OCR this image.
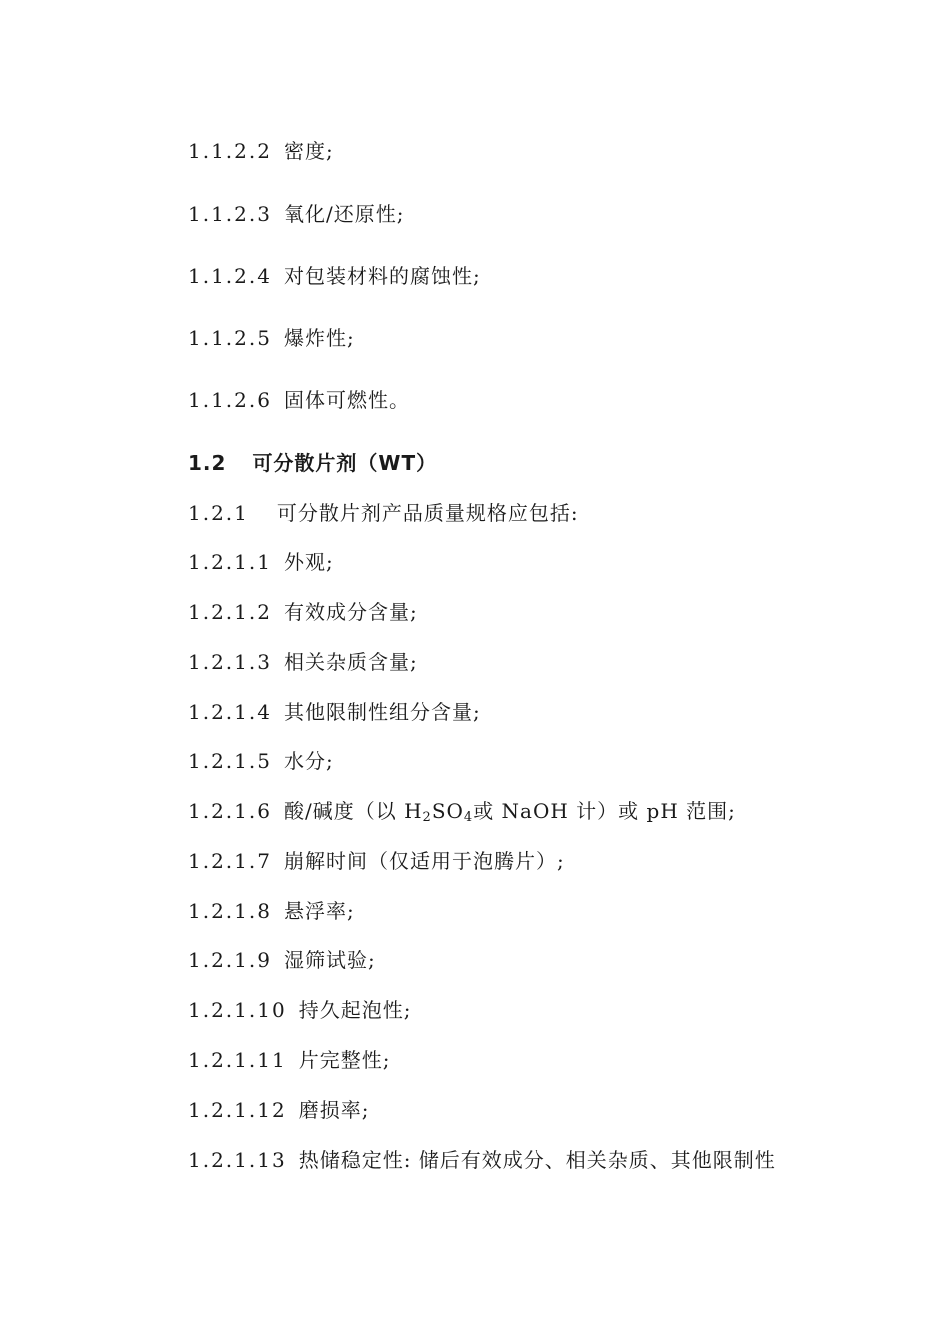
1.1.2.2 密度;
1.1.2.3 氧化/还原性;
1.1.2.4 对包装材料的腐蚀性;
1.1.2.5 爆炸性;
1.1.2.6 固体可燃性。
1.2 可分散片剂（WT）
1.2.1 可分散片剂产品质量规格应包括:
1.2.1.1 外观;
1.2.1.2 有效成分含量;
1.2.1.3 相关杂质含量;
1.2.1.4 其他限制性组分含量;
1.2.1.5 水分;
1.2.1.6 酸/碱度（以 $H_2SO_4$或 NaOH 计）或 pH 范围;
1.2.1.7 崩解时间（仅适用于泡腾片）;
1.2.1.8 悬浮率;
1.2.1.9 湿筛试验;
1.2.1.10 持久起泡性;
1.2.1.11 片完整性;
1.2.1.12 磨损率;
1.2.1.13 热储稳定性: 储后有效成分、相关杂质、其他限制性
